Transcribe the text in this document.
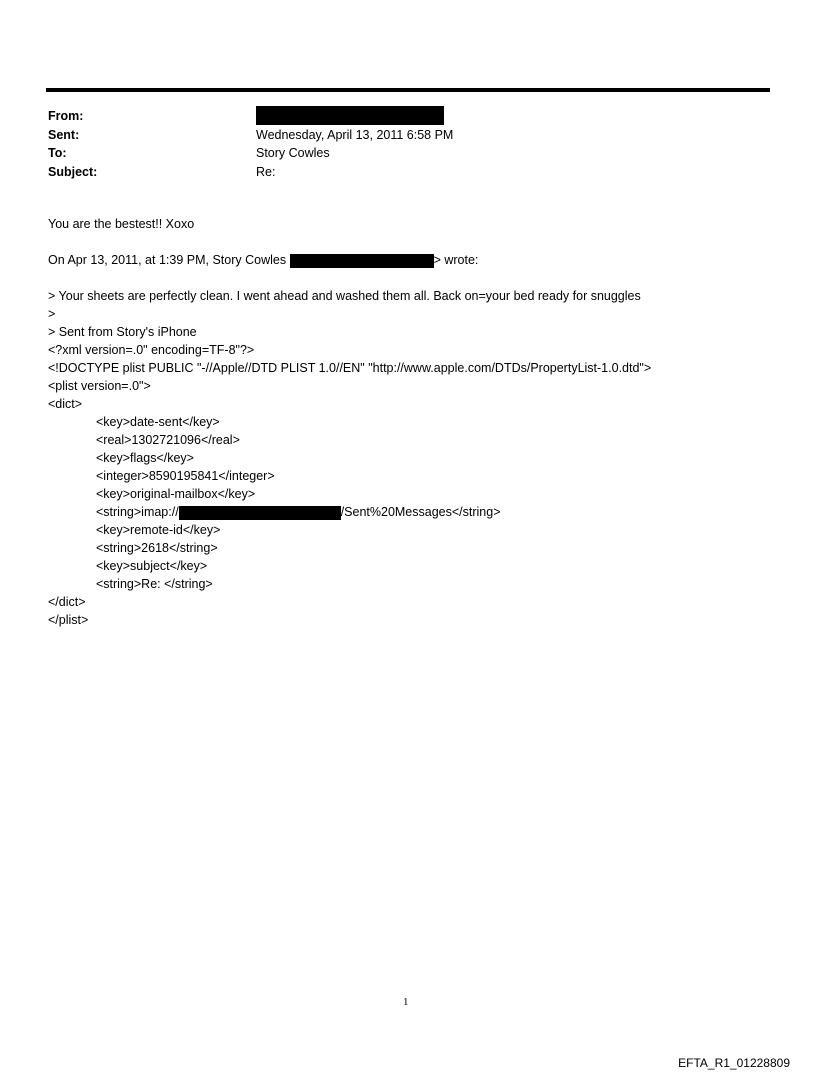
From:
Sent:	Wednesday, April 13, 2011 6:58 PM
To:	Story Cowles
Subject:	Re:
You are the bestest!! Xoxo
On Apr 13, 2011, at 1:39 PM, Story Cowles	> wrote:
> Your sheets are perfectly clean. I went ahead and washed them all. Back on=your bed ready for snuggles
>
> Sent from Story's iPhone
<?xml version=.0" encoding=TF-8"?>
<!DOCTYPE plist PUBLIC "-//Apple//DTD PLIST 1.0//EN" "http://www.apple.com/DTDs/PropertyList-1.0.dtd">
<plist version=.0">
<dict>
<key>date-sent</key>
<real>1302721096</real>
<key>flags</key>
<integer>8590195841</integer>
<key>original-mailbox</key>
<string>imap://	/Sent%20Messages</string>
<key>remote-id</key>
<string>2618</string>
<key>subject</key>
<string>Re: </string>
</dict>
</plist>
1
EFTA_R1_01228809
